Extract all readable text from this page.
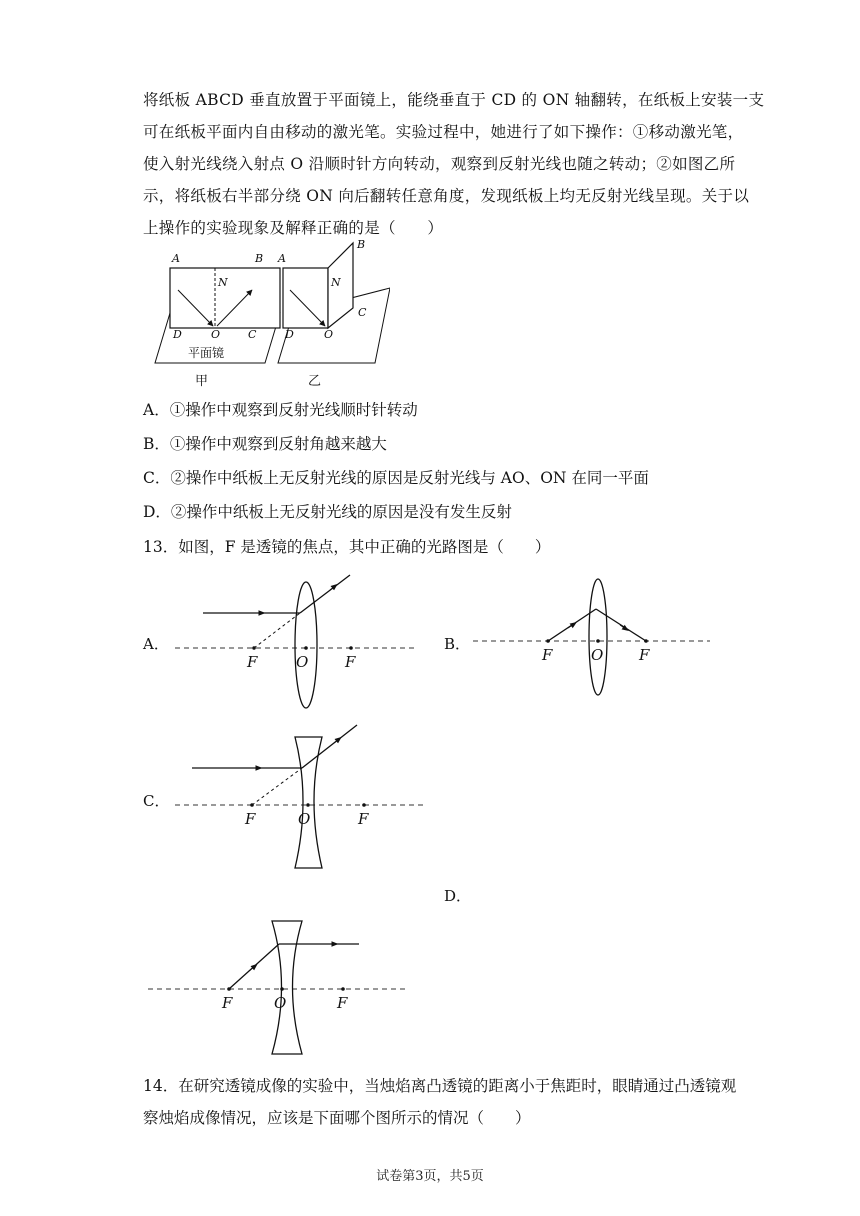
将纸板 ABCD 垂直放置于平面镜上，能绕垂直于 CD 的 ON 轴翻转，在纸板上安装一支
可在纸板平面内自由移动的激光笔。实验过程中，她进行了如下操作：①移动激光笔，
使入射光线绕入射点 O 沿顺时针方向转动，观察到反射光线也随之转动；②如图乙所
示，将纸板右半部分绕 ON 向后翻转任意角度，发现纸板上均无反射光线呈现。关于以
上操作的实验现象及解释正确的是（　　）
A	B
N
D	O	C
平面镜
甲
A
B
N
C
D	O
乙
A．①操作中观察到反射光线顺时针转动
B．①操作中观察到反射角越来越大
C．②操作中纸板上无反射光线的原因是反射光线与 AO、ON 在同一平面
D．②操作中纸板上无反射光线的原因是没有发生反射
13．如图，F 是透镜的焦点，其中正确的光路图是（　　）
A．
F	O F
B．
F	O F
C．
F	O	F
D．
F	O	F
14．在研究透镜成像的实验中，当烛焰离凸透镜的距离小于焦距时，眼睛通过凸透镜观
察烛焰成像情况，应该是下面哪个图所示的情况（　　）
试卷第3页，共5页
